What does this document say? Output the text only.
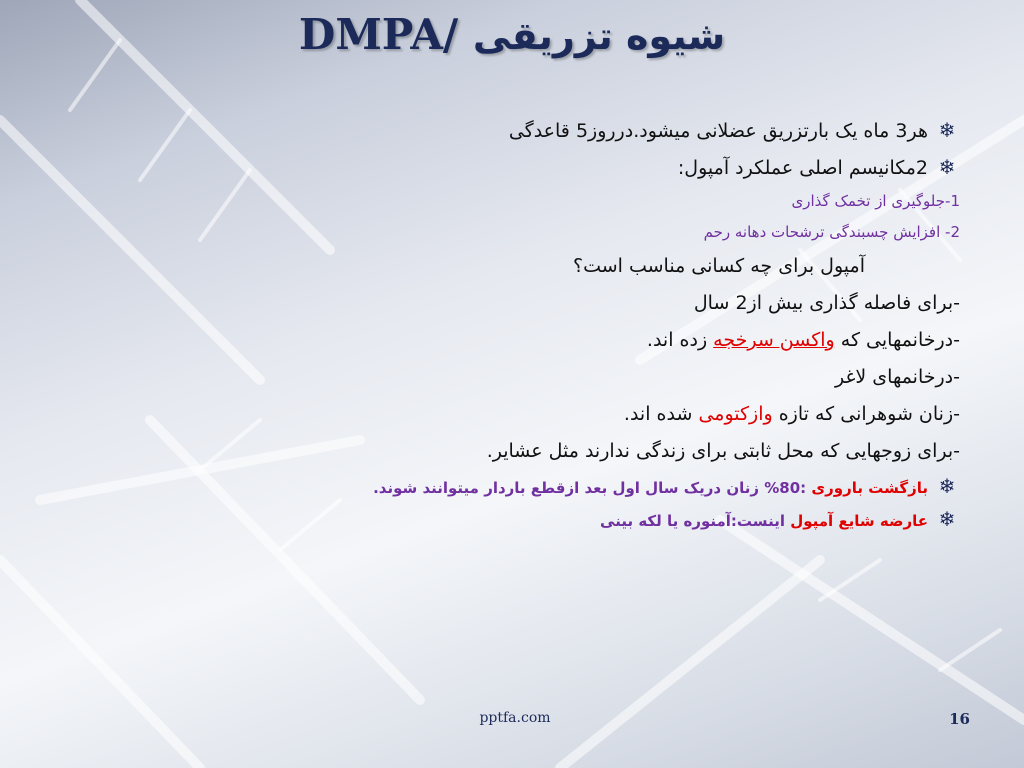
DMPA/ شیوه تزریقی
❄هر3 ماه یک بارتزریق عضلانی میشود.درروز5 قاعدگی
❄2مکانیسم اصلی عملکرد آمپول:
1-جلوگیری از تخمک گذاری
2- افزایش چسبندگی ترشحات دهانه رحم
آمپول برای چه کسانی مناسب است؟
-برای فاصله گذاری بیش از2 سال
-درخانمهایی که واکسن سرخجه زده اند.
-درخانمهای لاغر
-زنان شوهرانی که تازه وازکتومی شده اند.
-برای زوجهایی که محل ثابتی برای زندگی ندارند مثل عشایر.
❄بازگشت باروری :80% زنان دریک سال اول بعد ازقطع باردار میتوانند شوند.
❄عارضه شایع آمپول اینست:آمنوره یا لکه بینی
pptfa.com	16
